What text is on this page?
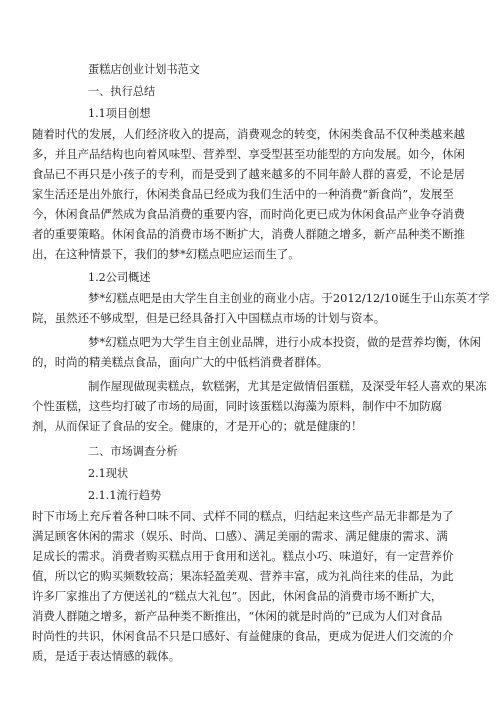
蛋糕店创业计划书范文
一、执行总结
1.1项目创想
随着时代的发展，人们经济收入的提高，消费观念的转变，休闲类食品不仅种类越来越
多，并且产品结构也向着风味型、营养型、享受型甚至功能型的方向发展。如今，休闲
食品已不再只是小孩子的专利，而是受到了越来越多的不同年龄人群的喜爱，不论是居
家生活还是出外旅行，休闲类食品已经成为我们生活中的一种消费“新食尚”，发展至
今，休闲食品俨然成为食品消费的重要内容，而时尚化更已成为休闲食品产业争夺消费
者的重要策略。休闲食品的消费市场不断扩大，消费人群随之增多，新产品种类不断推
出，在这种情景下，我们的梦*幻糕点吧应运而生了。
1.2公司概述
梦*幻糕点吧是由大学生自主创业的商业小店。于2012/12/10诞生于山东英才学
院，虽然还不够成型，但是已经具备打入中国糕点市场的计划与资本。
梦*幻糕点吧为大学生自主创业品牌，进行小成本投资，做的是营养均衡，休闲
的，时尚的精美糕点食品，面向广大的中低档消费者群体。
制作屋现做现卖糕点，软糕粥，尤其是定做情侣蛋糕，及深受年轻人喜欢的果冻
个性蛋糕，这些均打破了市场的局面，同时该蛋糕以海藻为原料，制作中不加防腐
剂，从而保证了食品的安全。健康的，才是开心的；就是健康的！
二、市场调查分析
2.1现状
2.1.1流行趋势
时下市场上充斥着各种口味不同、式样不同的糕点，归结起来这些产品无非都是为了
满足顾客休闲的需求（娱乐、时尚、口感）、满足美丽的需求、满足健康的需求、满
足成长的需求。消费者购买糕点用于食用和送礼。糕点小巧、味道好，有一定营养价
值，所以它的购买频数较高；果冻轻盈美观、营养丰富，成为礼尚往来的佳品，为此
许多厂家推出了方便送礼的“糕点大礼包”。因此，休闲食品的消费市场不断扩大，
消费人群随之增多，新产品种类不断推出，“休闲的就是时尚的”已成为人们对食品
时尚性的共识，休闲食品不只是口感好、有益健康的食品，更成为促进人们交流的介
质，是适于表达情感的载体。
